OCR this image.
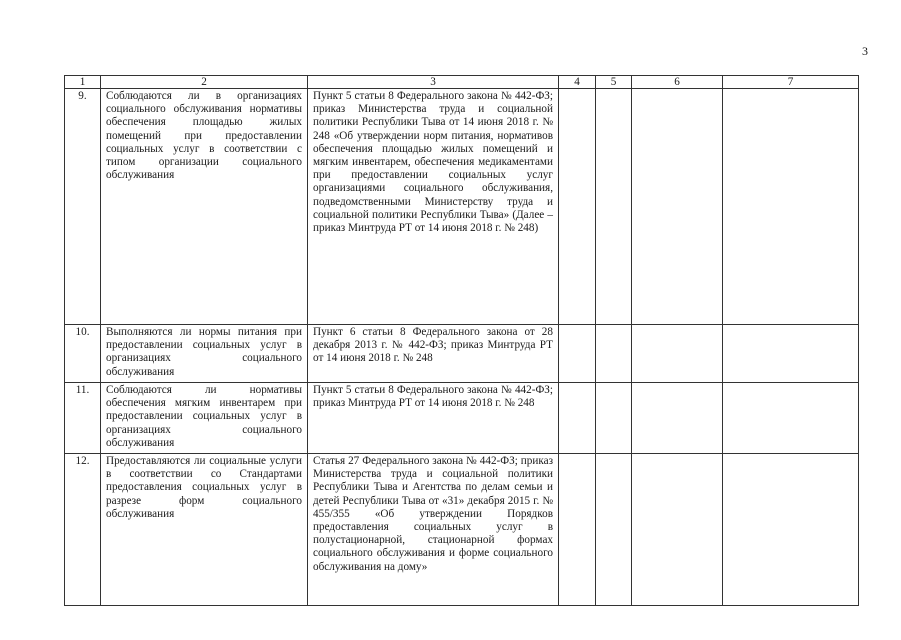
3
1	2	3	4	5	6	7
9.	Соблюдаются ли в организациях социального обслуживания нормативы обеспечения площадью жилых помещений при предоставлении социальных услуг в соответствии с типом организации социального обслуживания	Пункт 5 статьи 8 Федерального закона № 442-ФЗ; приказ Министерства труда и социальной политики Республики Тыва от 14 июня 2018 г. № 248 «Об утверждении норм питания, нормативов обеспечения площадью жилых помещений и мягким инвентарем, обеспечения медикаментами при предоставлении социальных услуг организациями социального обслуживания, подведомственными Министерству труда и социальной политики Республики Тыва» (Далее – приказ Минтруда РТ от 14 июня 2018 г. № 248)				
10.	Выполняются ли нормы питания при предоставлении социальных услуг в организациях социального обслуживания	Пункт 6 статьи 8 Федерального закона от 28 декабря 2013 г. № 442-ФЗ; приказ Минтруда РТ от 14 июня 2018 г. № 248				
11.	Соблюдаются ли нормативы обеспечения мягким инвентарем при предоставлении социальных услуг в организациях социального обслуживания	Пункт 5 статьи 8 Федерального закона № 442-ФЗ; приказ Минтруда РТ от 14 июня 2018 г. № 248				
12.	Предоставляются ли социальные услуги в соответствии со Стандартами предоставления социальных услуг в разрезе форм социального обслуживания	Статья 27 Федерального закона № 442-ФЗ; приказ Министерства труда и социальной политики Республики Тыва и Агентства по делам семьи и детей Республики Тыва от «31» декабря 2015 г. № 455/355 «Об утверждении Порядков предоставления социальных услуг в полустационарной, стационарной формах социального обслуживания и форме социального обслуживания на дому»				
